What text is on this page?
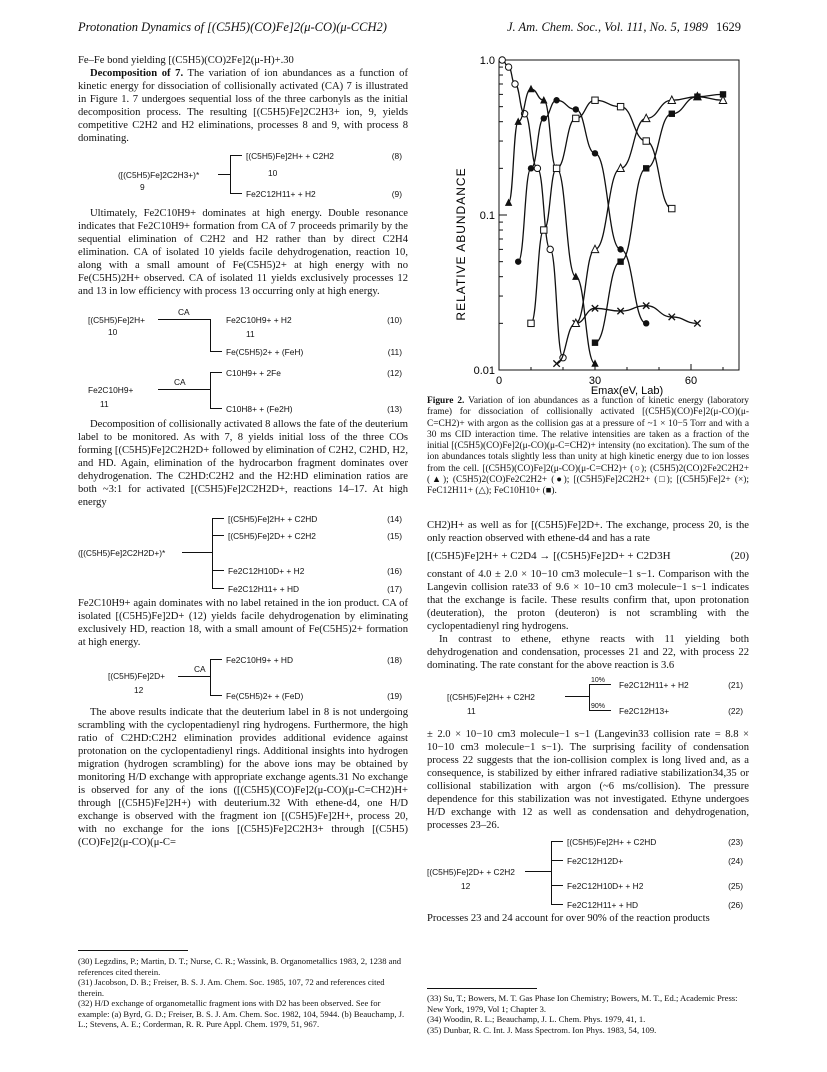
Protonation Dynamics of [(C5H5)(CO)Fe]2(μ-CO)(μ-CCH2)	J. Am. Chem. Soc., Vol. 111, No. 5, 1989 1629

Fe–Fe bond yielding [(C5H5)(CO)2Fe]2(μ-H)+.30

Decomposition of 7. The variation of ion abundances as a function of kinetic energy for dissociation of collisionally activated (CA) 7 is illustrated in Figure 1. 7 undergoes sequential loss of the three carbonyls as the initial decomposition process. The resulting [(C5H5)Fe]2C2H3+ ion, 9, yields competitive C2H2 and H2 eliminations, processes 8 and 9, with process 8 dominating.

([(C5H5)Fe]2C2H3+)*
9
[(C5H5)Fe]2H+ + C2H2	(8)
10
Fe2C12H11+ + H2	(9)

Ultimately, Fe2C10H9+ dominates at high energy. Double resonance indicates that Fe2C10H9+ formation from CA of 7 proceeds primarily by the sequential elimination of C2H2 and H2 rather than by direct C2H4 elimination. CA of isolated 10 yields facile dehydrogenation, reaction 10, along with a small amount of Fe(C5H5)2+ at high energy with no Fe(C5H5)2H+ observed. CA of isolated 11 yields exclusively processes 12 and 13 in low efficiency with process 13 occurring only at high energy.

[(C5H5)Fe]2H+
10
CA
Fe2C10H9+ + H2	(10)
11
Fe(C5H5)2+ + (FeH)	(11)
Fe2C10H9+
11
CA
C10H9+ + 2Fe	(12)
C10H8+ + (Fe2H)	(13)

Decomposition of collisionally activated 8 allows the fate of the deuterium label to be monitored. As with 7, 8 yields initial loss of the three COs forming [(C5H5)Fe]2C2H2D+ followed by elimination of C2H2, C2HD, H2, and HD. Again, elimination of the hydrocarbon fragment dominates over dehydrogenation. The C2HD:C2H2 and the H2:HD elimination ratios are both ~3:1 for activated [(C5H5)Fe]2C2H2D+, reactions 14–17. At high energy

([(C5H5)Fe]2C2H2D+)*
[(C5H5)Fe]2H+ + C2HD	(14)
[(C5H5)Fe]2D+ + C2H2	(15)
Fe2C12H10D+ + H2	(16)
Fe2C12H11+ + HD	(17)

Fe2C10H9+ again dominates with no label retained in the ion product. CA of isolated [(C5H5)Fe]2D+ (12) yields facile dehydrogenation by eliminating exclusively HD, reaction 18, with a small amount of Fe(C5H5)2+ formation at high energy.

[(C5H5)Fe]2D+
12
CA
Fe2C10H9+ + HD	(18)
Fe(C5H5)2+ + (FeD)	(19)

The above results indicate that the deuterium label in 8 is not undergoing scrambling with the cyclopentadienyl ring hydrogens. Furthermore, the high ratio of C2HD:C2H2 elimination provides additional evidence against protonation on the cyclopentadienyl rings. Additional insights into hydrogen migration (hydrogen scrambling) for the above ions may be obtained by monitoring H/D exchange with appropriate exchange agents.31 No exchange is observed for any of the ions ([(C5H5)(CO)Fe]2(μ-CO)(μ-C=CH2)H+ through [(C5H5)Fe]2H+) with deuterium.32 With ethene-d4, one H/D exchange is observed with the fragment ion [(C5H5)Fe]2H+, process 20, with no exchange for the ions [(C5H5)Fe]2C2H3+ through [(C5H5)(CO)Fe]2(μ-CO)(μ-C=

(30) Legzdins, P.; Martin, D. T.; Nurse, C. R.; Wassink, B. Organometallics 1983, 2, 1238 and references cited therein.
(31) Jacobson, D. B.; Freiser, B. S. J. Am. Chem. Soc. 1985, 107, 72 and references cited therein.
(32) H/D exchange of organometallic fragment ions with D2 has been observed. See for example: (a) Byrd, G. D.; Freiser, B. S. J. Am. Chem. Soc. 1982, 104, 5944. (b) Beauchamp, J. L.; Stevens, A. E.; Corderman, R. R. Pure Appl. Chem. 1979, 51, 967.
1.0
0.1
0.01
0	30	60
RELATIVE ABUNDANCE
Emax(eV, Lab)
Figure 2. Variation of ion abundances as a function of kinetic energy (laboratory frame) for dissociation of collisionally activated [(C5H5)(CO)Fe]2(μ-CO)(μ-C=CH2)+ with argon as the collision gas at a pressure of ~1 × 10−5 Torr and with a 30 ms CID interaction time. The relative intensities are taken as a fraction of the initial [(C5H5)(CO)Fe]2(μ-CO)(μ-C=CH2)+ intensity (no excitation). The sum of the ion abundances totals slightly less than unity at high kinetic energy due to ion losses from the cell. [(C5H5)(CO)Fe]2(μ-CO)(μ-C=CH2)+ (○); (C5H5)2(CO)2Fe2C2H2+ (▲); (C5H5)2(CO)Fe2C2H2+ (●); [(C5H5)Fe]2C2H2+ (□); [(C5H5)Fe]2+ (×); FeC12H11+ (△); FeC10H10+ (■).

CH2)H+ as well as for [(C5H5)Fe]2D+. The exchange, process 20, is the only reaction observed with ethene-d4 and has a rate

[(C5H5)Fe]2H+ + C2D4 → [(C5H5)Fe]2D+ + C2D3H	(20)

constant of 4.0 ± 2.0 × 10−10 cm3 molecule−1 s−1. Comparison with the Langevin collision rate33 of 9.6 × 10−10 cm3 molecule−1 s−1 indicates that the exchange is facile. These results confirm that, upon protonation (deuteration), the proton (deuteron) is not scrambling with the cyclopentadienyl ring hydrogens.

In contrast to ethene, ethyne reacts with 11 yielding both dehydrogenation and condensation, processes 21 and 22, with process 22 dominating. The rate constant for the above reaction is 3.6

[(C5H5)Fe]2H+ + C2H2
11
10%
90%
Fe2C12H11+ + H2	(21)
Fe2C12H13+	(22)

± 2.0 × 10−10 cm3 molecule−1 s−1 (Langevin33 collision rate = 8.8 × 10−10 cm3 molecule−1 s−1). The surprising facility of condensation process 22 suggests that the ion-collision complex is long lived and, as a consequence, is stabilized by either infrared radiative stabilization34,35 or collisional stabilization with argon (~6 ms/collision). The pressure dependence for this stabilization was not investigated. Ethyne undergoes H/D exchange with 12 as well as condensation and dehydrogenation, processes 23–26.

[(C5H5)Fe]2D+ + C2H2
12
[(C5H5)Fe]2H+ + C2HD	(23)
Fe2C12H12D+	(24)
Fe2C12H10D+ + H2	(25)
Fe2C12H11+ + HD	(26)

Processes 23 and 24 account for over 90% of the reaction products

(33) Su, T.; Bowers, M. T. Gas Phase Ion Chemistry; Bowers, M. T., Ed.; Academic Press: New York, 1979, Vol 1; Chapter 3.
(34) Woodin, R. L.; Beauchamp, J. L. Chem. Phys. 1979, 41, 1.
(35) Dunbar, R. C. Int. J. Mass Spectrom. Ion Phys. 1983, 54, 109.
